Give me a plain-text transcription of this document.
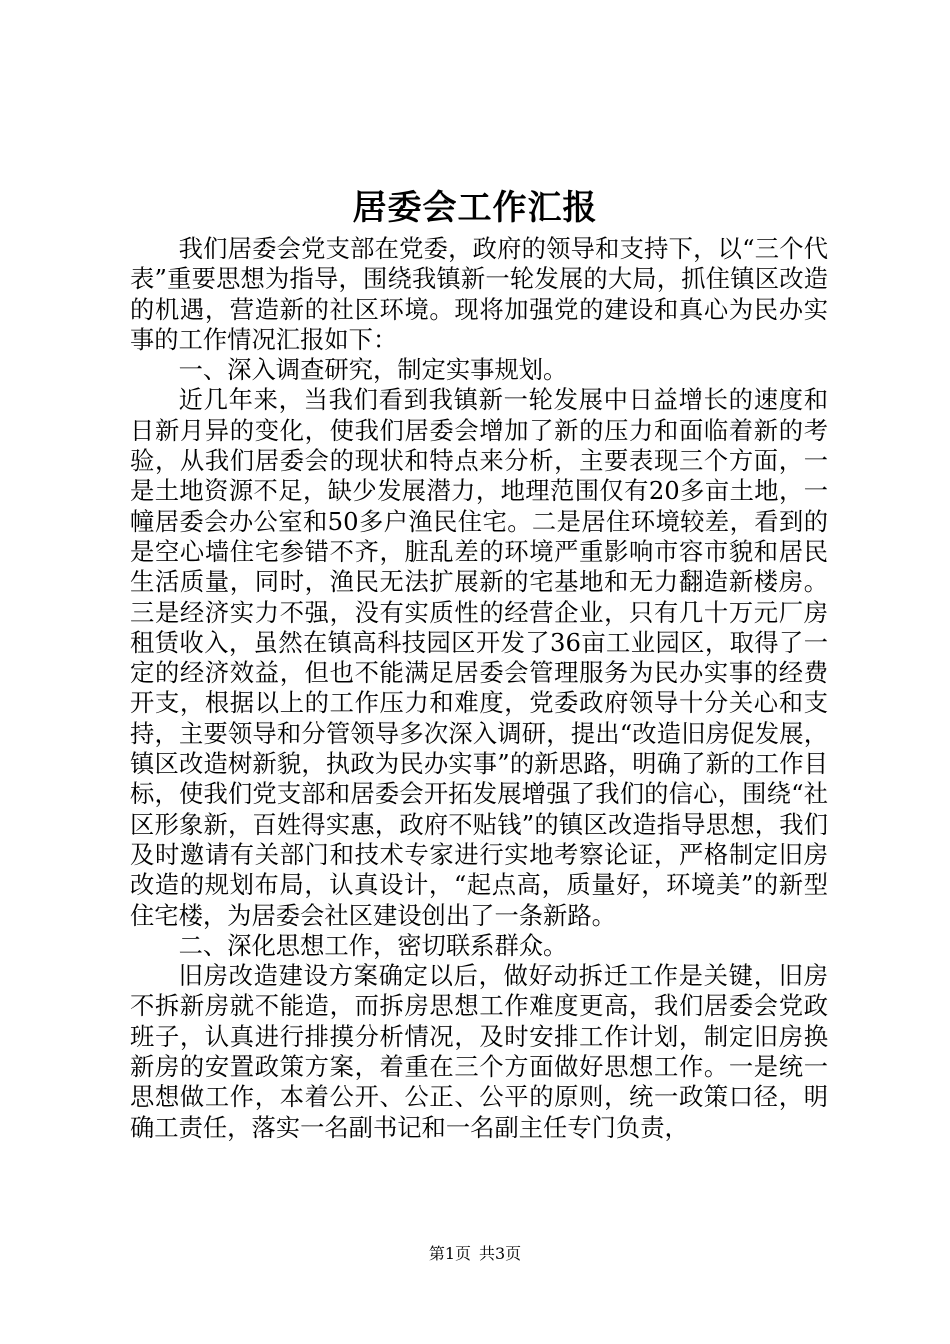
居委会工作汇报

我们居委会党支部在党委，政府的领导和支持下，以“三个代表”重要思想为指导，围绕我镇新一轮发展的大局，抓住镇区改造的机遇，营造新的社区环境。现将加强党的建设和真心为民办实事的工作情况汇报如下：

一、深入调查研究，制定实事规划。

近几年来，当我们看到我镇新一轮发展中日益增长的速度和日新月异的变化，使我们居委会增加了新的压力和面临着新的考验，从我们居委会的现状和特点来分析，主要表现三个方面，一是土地资源不足，缺少发展潜力，地理范围仅有20多亩土地，一幢居委会办公室和50多户渔民住宅。二是居住环境较差，看到的是空心墙住宅参错不齐，脏乱差的环境严重影响市容市貌和居民生活质量，同时，渔民无法扩展新的宅基地和无力翻造新楼房。三是经济实力不强，没有实质性的经营企业，只有几十万元厂房租赁收入，虽然在镇高科技园区开发了36亩工业园区，取得了一定的经济效益，但也不能满足居委会管理服务为民办实事的经费开支，根据以上的工作压力和难度，党委政府领导十分关心和支持，主要领导和分管领导多次深入调研，提出“改造旧房促发展，镇区改造树新貌，执政为民办实事”的新思路，明确了新的工作目标，使我们党支部和居委会开拓发展增强了我们的信心，围绕“社区形象新，百姓得实惠，政府不贴钱”的镇区改造指导思想，我们及时邀请有关部门和技术专家进行实地考察论证，严格制定旧房改造的规划布局，认真设计，“起点高，质量好，环境美”的新型住宅楼，为居委会社区建设创出了一条新路。

二、深化思想工作，密切联系群众。

旧房改造建设方案确定以后，做好动拆迁工作是关键，旧房不拆新房就不能造，而拆房思想工作难度更高，我们居委会党政班子，认真进行排摸分析情况，及时安排工作计划，制定旧房换新房的安置政策方案，着重在三个方面做好思想工作。一是统一思想做工作，本着公开、公正、公平的原则，统一政策口径，明确工责任，落实一名副书记和一名副主任专门负责，

第1页  共3页
